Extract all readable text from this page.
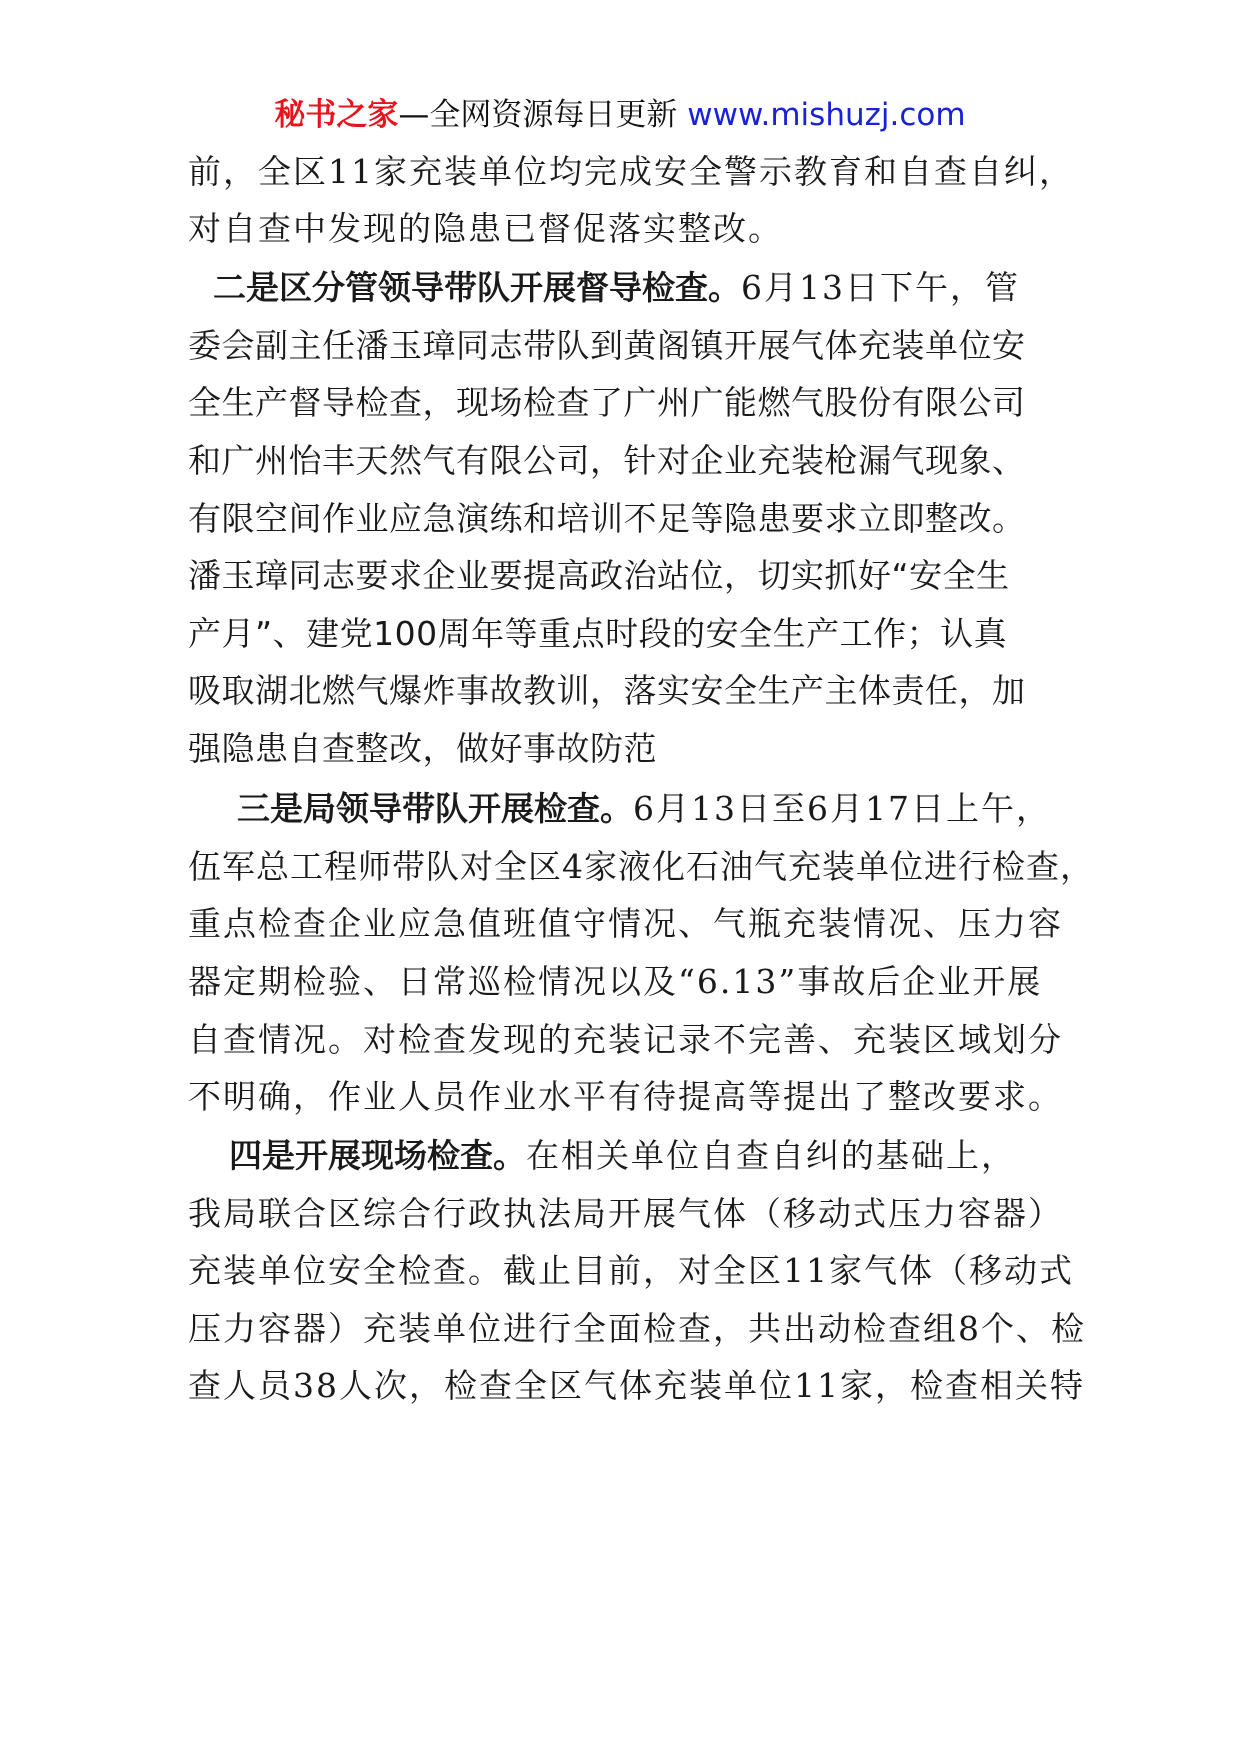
秘书之家—全网资源每日更新 www.mishuzj.com
前，全区11家充装单位均完成安全警示教育和自查自纠，
对自查中发现的隐患已督促落实整改。
二是区分管领导带队开展督导检查。6月13日下午，管
委会副主任潘玉璋同志带队到黄阁镇开展气体充装单位安
全生产督导检查，现场检查了广州广能燃气股份有限公司
和广州怡丰天然气有限公司，针对企业充装枪漏气现象、
有限空间作业应急演练和培训不足等隐患要求立即整改。
潘玉璋同志要求企业要提高政治站位，切实抓好“安全生
产月”、建党100周年等重点时段的安全生产工作；认真
吸取湖北燃气爆炸事故教训，落实安全生产主体责任，加
强隐患自查整改，做好事故防范
三是局领导带队开展检查。6月13日至6月17日上午，
伍军总工程师带队对全区4家液化石油气充装单位进行检查，
重点检查企业应急值班值守情况、气瓶充装情况、压力容
器定期检验、日常巡检情况以及“6.13”事故后企业开展
自查情况。对检查发现的充装记录不完善、充装区域划分
不明确，作业人员作业水平有待提高等提出了整改要求。
四是开展现场检查。在相关单位自查自纠的基础上，
我局联合区综合行政执法局开展气体（移动式压力容器）
充装单位安全检查。截止目前，对全区11家气体（移动式
压力容器）充装单位进行全面检查，共出动检查组8个、检
查人员38人次，检查全区气体充装单位11家，检查相关特
